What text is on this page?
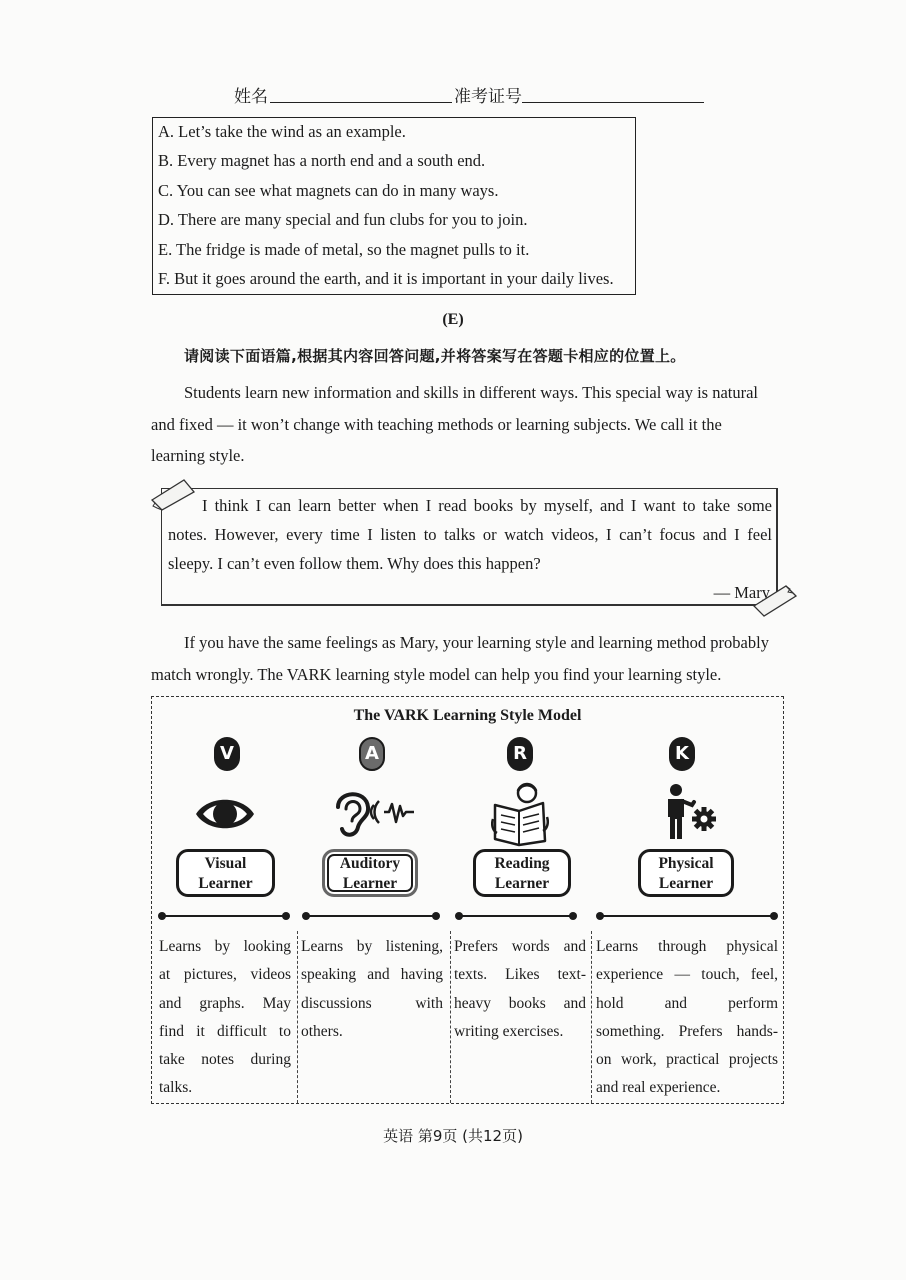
姓名	准考证号
A. Let’s take the wind as an example.
B. Every magnet has a north end and a south end.
C. You can see what magnets can do in many ways.
D. There are many special and fun clubs for you to join.
E. The fridge is made of metal, so the magnet pulls to it.
F. But it goes around the earth, and it is important in your daily lives.
(E)
请阅读下面语篇,根据其内容回答问题,并将答案写在答题卡相应的位置上。
Students learn new information and skills in different ways. This special way is natural
and fixed — it won’t change with teaching methods or learning subjects. We call it the
learning style.
I think I can learn better when I read books by myself, and I want to take some
notes. However, every time I listen to talks or watch videos, I can’t focus and I feel
sleepy. I can’t even follow them. Why does this happen?
— Mary
If you have the same feelings as Mary, your learning style and learning method probably
match wrongly. The VARK learning style model can help you find your learning style.
The VARK Learning Style Model
V
Visual
Learner
Learns by looking
at pictures, videos
and graphs. May
find it difficult to
take notes during
talks.
A
Auditory
Learner
Learns by listening,
speaking and having
discussions with
others.
R
Reading
Learner
Prefers words and
texts. Likes text-
heavy books and
writing exercises.
K
Physical
Learner
Learns through physical
experience — touch, feel,
hold and perform
something. Prefers hands-
on work, practical projects
and real experience.
英语 第9页 (共12页)
